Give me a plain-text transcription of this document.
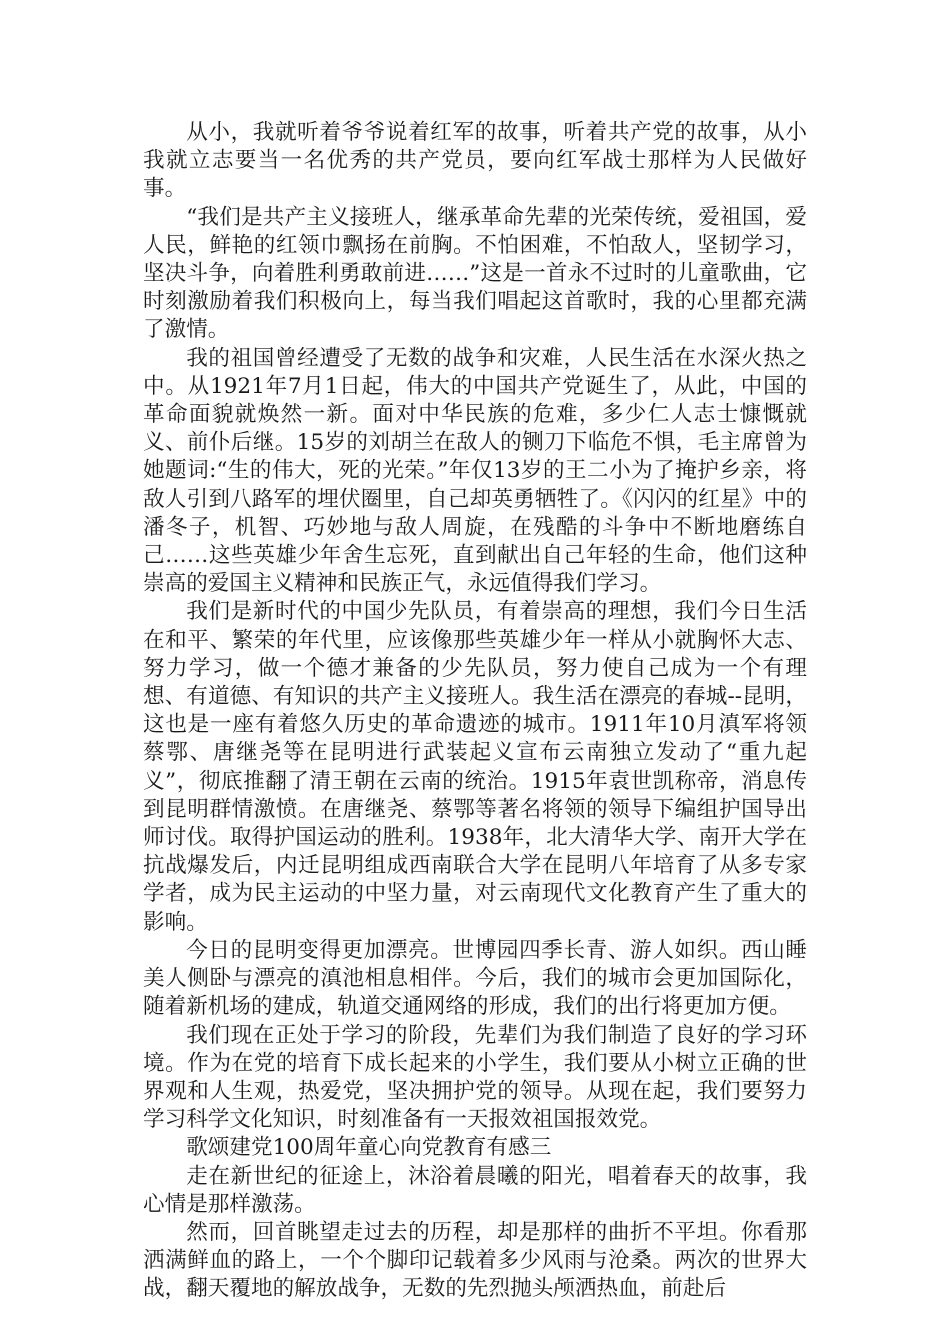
从小，我就听着爷爷说着红军的故事，听着共产党的故事，从小我就立志要当一名优秀的共产党员，要向红军战士那样为人民做好事。

“我们是共产主义接班人，继承革命先辈的光荣传统，爱祖国，爱人民，鲜艳的红领巾飘扬在前胸。不怕困难，不怕敌人，坚韧学习，坚决斗争，向着胜利勇敢前进……”这是一首永不过时的儿童歌曲，它时刻激励着我们积极向上，每当我们唱起这首歌时，我的心里都充满了激情。

我的祖国曾经遭受了无数的战争和灾难，人民生活在水深火热之中。从1921年7月1日起，伟大的中国共产党诞生了，从此，中国的革命面貌就焕然一新。面对中华民族的危难，多少仁人志士慷慨就义、前仆后继。15岁的刘胡兰在敌人的铡刀下临危不惧，毛主席曾为她题词:“生的伟大，死的光荣。”年仅13岁的王二小为了掩护乡亲，将敌人引到八路军的埋伏圈里，自己却英勇牺牲了。《闪闪的红星》中的潘冬子，机智、巧妙地与敌人周旋，在残酷的斗争中不断地磨练自己……这些英雄少年舍生忘死，直到献出自己年轻的生命，他们这种崇高的爱国主义精神和民族正气，永远值得我们学习。

我们是新时代的中国少先队员，有着崇高的理想，我们今日生活在和平、繁荣的年代里，应该像那些英雄少年一样从小就胸怀大志、努力学习，做一个德才兼备的少先队员，努力使自己成为一个有理想、有道德、有知识的共产主义接班人。我生活在漂亮的春城--昆明，这也是一座有着悠久历史的革命遗迹的城市。1911年10月滇军将领蔡鄂、唐继尧等在昆明进行武装起义宣布云南独立发动了“重九起义”，彻底推翻了清王朝在云南的统治。1915年袁世凯称帝，消息传到昆明群情激愤。在唐继尧、蔡鄂等著名将领的领导下编组护国导出师讨伐。取得护国运动的胜利。1938年，北大清华大学、南开大学在抗战爆发后，内迁昆明组成西南联合大学在昆明八年培育了从多专家学者，成为民主运动的中坚力量，对云南现代文化教育产生了重大的影响。

今日的昆明变得更加漂亮。世博园四季长青、游人如织。西山睡美人侧卧与漂亮的滇池相息相伴。今后，我们的城市会更加国际化，随着新机场的建成，轨道交通网络的形成，我们的出行将更加方便。

我们现在正处于学习的阶段，先辈们为我们制造了良好的学习环境。作为在党的培育下成长起来的小学生，我们要从小树立正确的世界观和人生观，热爱党，坚决拥护党的领导。从现在起，我们要努力学习科学文化知识，时刻准备有一天报效祖国报效党。

歌颂建党100周年童心向党教育有感三

走在新世纪的征途上，沐浴着晨曦的阳光，唱着春天的故事，我心情是那样激荡。

然而，回首眺望走过去的历程，却是那样的曲折不平坦。你看那洒满鲜血的路上，一个个脚印记载着多少风雨与沧桑。两次的世界大战，翻天覆地的解放战争，无数的先烈抛头颅洒热血，前赴后
